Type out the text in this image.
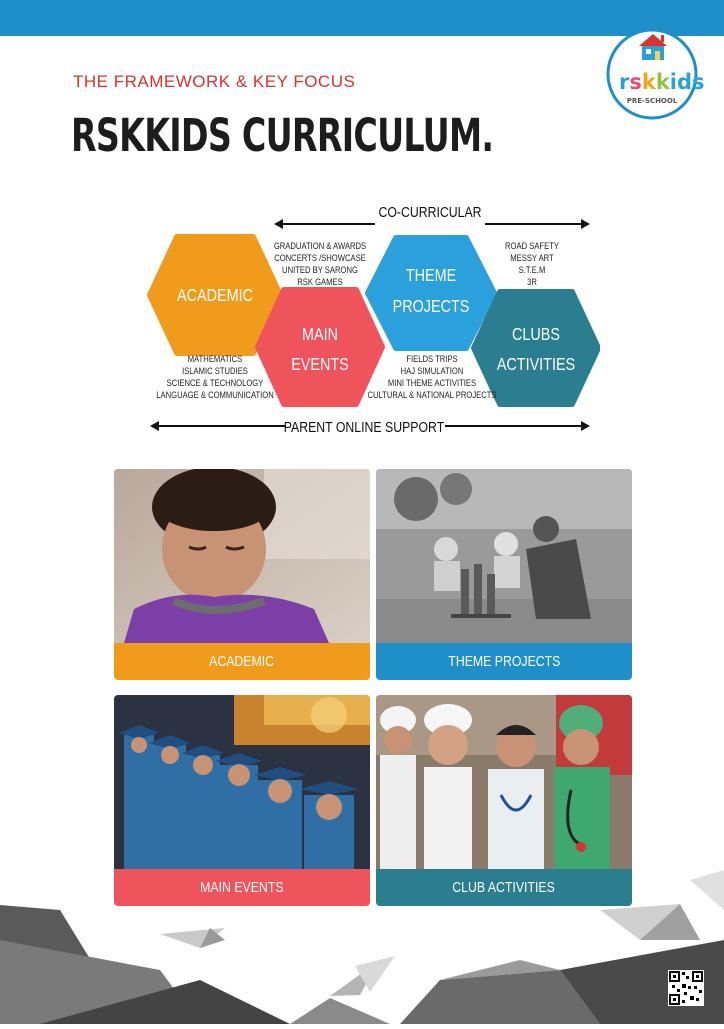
THE FRAMEWORK & KEY FOCUS
RSKKIDS CURRICULUM.
rskkids
PRE-SCHOOL
CO-CURRICULAR
PARENT ONLINE SUPPORT
ACADEMIC
MAIN
EVENTS
THEME
PROJECTS
CLUBS
ACTIVITIES
MATHEMATICS
ISLAMIC STUDIES
SCIENCE & TECHNOLOGY
LANGUAGE & COMMUNICATION
GRADUATION & AWARDS
CONCERTS /SHOWCASE
UNITED BY SARONG
RSK GAMES
FIELDS TRIPS
HAJ SIMULATION
MINI THEME ACTIVITIES
CULTURAL & NATIONAL PROJECTS
ROAD SAFETY
MESSY ART
S.T.E.M
3R
ACADEMIC	THEME PROJECTS
MAIN EVENTS	CLUB ACTIVITIES
